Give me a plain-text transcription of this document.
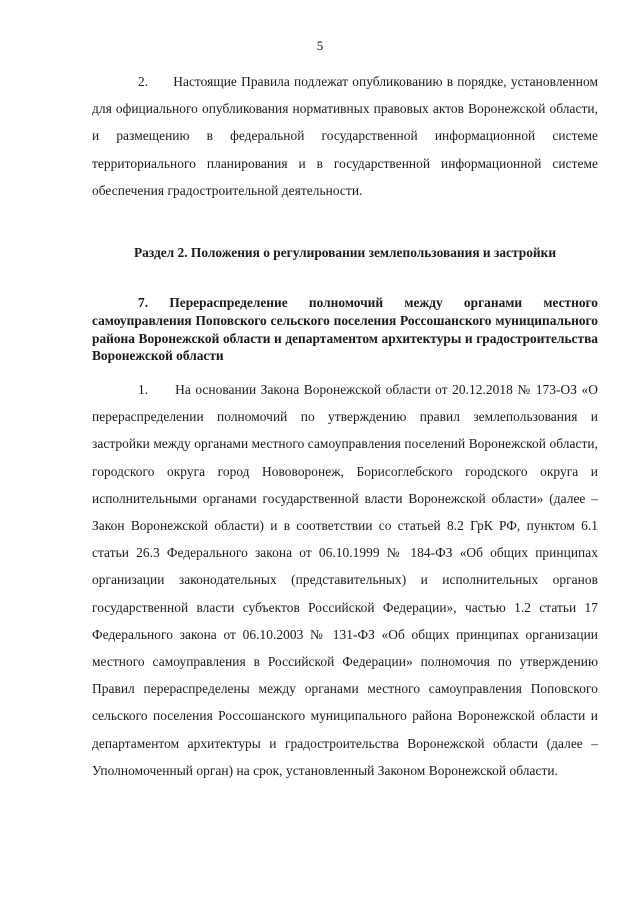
5

2.      Настоящие Правила подлежат опубликованию в порядке, установленном для официального опубликования нормативных правовых актов Воронежской области, и размещению в федеральной государственной информационной системе территориального планирования и в государственной информационной системе обеспечения градостроительной деятельности.

Раздел 2. Положения о регулировании землепользования и застройки
7. Перераспределение полномочий между органами местного самоуправления Поповского сельского поселения Россошанского муниципального района Воронежской области и департаментом архитектуры и градостроительства Воронежской области

1.      На основании Закона Воронежской области от 20.12.2018 № 173-ОЗ «О перераспределении полномочий по утверждению правил землепользования и застройки между органами местного самоуправления поселений Воронежской области, городского округа город Нововоронеж, Борисоглебского городского округа и исполнительными органами государственной власти Воронежской области» (далее – Закон Воронежской области) и в соответствии со статьей 8.2 ГрК РФ, пунктом 6.1 статьи 26.3 Федерального закона от 06.10.1999 № 184-ФЗ «Об общих принципах организации законодательных (представительных) и исполнительных органов государственной власти субъектов Российской Федерации», частью 1.2 статьи 17 Федерального закона от 06.10.2003 № 131-ФЗ «Об общих принципах организации местного самоуправления в Российской Федерации» полномочия по утверждению Правил перераспределены между органами местного самоуправления Поповского сельского поселения Россошанского муниципального района Воронежской области и департаментом архитектуры и градостроительства Воронежской области (далее – Уполномоченный орган) на срок, установленный Законом Воронежской области.
